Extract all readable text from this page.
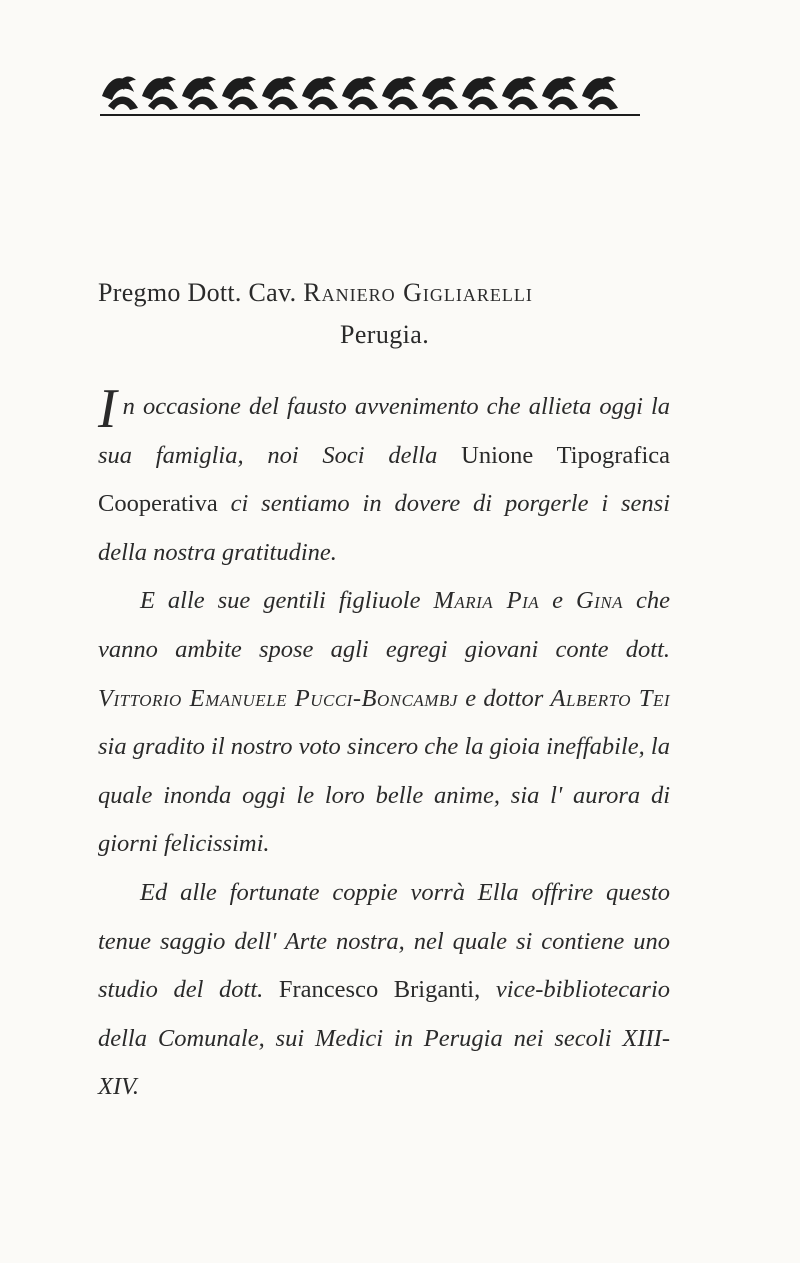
Pregmo Dott. Cav. Raniero Gigliarelli
Perugia.

In occasione del fausto avvenimento che allieta oggi la sua famiglia, noi Soci della Unione Tipografica Cooperativa ci sentiamo in dovere di porgerle i sensi della nostra gratitudine.

E alle sue gentili figliuole Maria Pia e Gina che vanno ambite spose agli egregi giovani conte dott. Vittorio Emanuele Pucci-Boncambj e dottor Alberto Tei sia gradito il nostro voto sincero che la gioia ineffabile, la quale inonda oggi le loro belle anime, sia l' aurora di giorni felicissimi.

Ed alle fortunate coppie vorrà Ella offrire questo tenue saggio dell' Arte nostra, nel quale si contiene uno studio del dott. Francesco Briganti, vice-bibliotecario della Comunale, sui Medici in Perugia nei secoli XIII-XIV.
